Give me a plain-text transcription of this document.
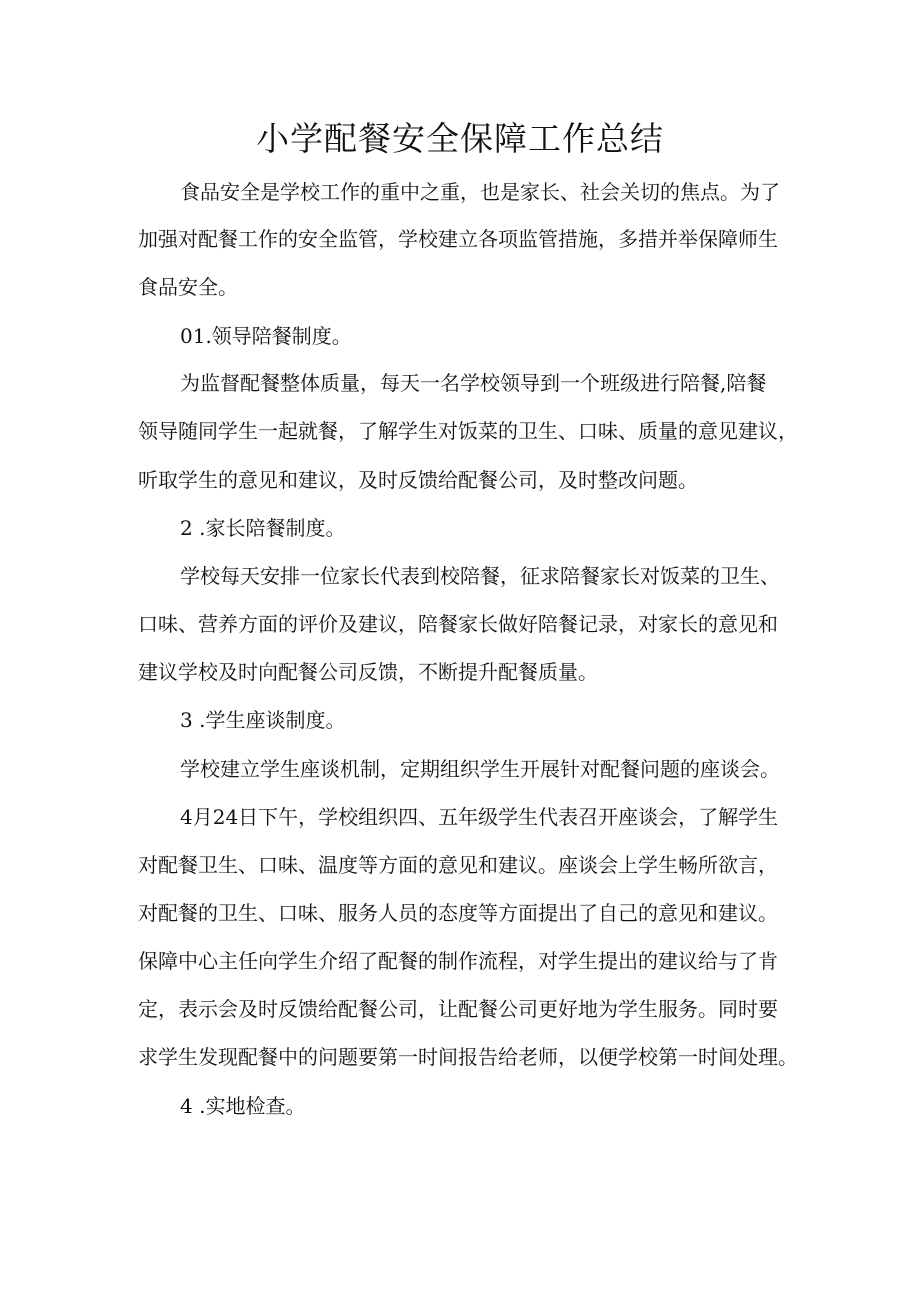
小学配餐安全保障工作总结

食品安全是学校工作的重中之重，也是家长、社会关切的焦点。为了

加强对配餐工作的安全监管，学校建立各项监管措施，多措并举保障师生

食品安全。

01.领导陪餐制度。

为监督配餐整体质量，每天一名学校领导到一个班级进行陪餐,陪餐

领导随同学生一起就餐，了解学生对饭菜的卫生、口味、质量的意见建议，

听取学生的意见和建议，及时反馈给配餐公司，及时整改问题。

2 .家长陪餐制度。

学校每天安排一位家长代表到校陪餐，征求陪餐家长对饭菜的卫生、

口味、营养方面的评价及建议，陪餐家长做好陪餐记录，对家长的意见和

建议学校及时向配餐公司反馈，不断提升配餐质量。

3 .学生座谈制度。

学校建立学生座谈机制，定期组织学生开展针对配餐问题的座谈会。

4月24日下午，学校组织四、五年级学生代表召开座谈会，了解学生

对配餐卫生、口味、温度等方面的意见和建议。座谈会上学生畅所欲言，

对配餐的卫生、口味、服务人员的态度等方面提出了自己的意见和建议。

保障中心主任向学生介绍了配餐的制作流程，对学生提出的建议给与了肯

定，表示会及时反馈给配餐公司，让配餐公司更好地为学生服务。同时要

求学生发现配餐中的问题要第一时间报告给老师，以便学校第一时间处理。

4 .实地检查。
